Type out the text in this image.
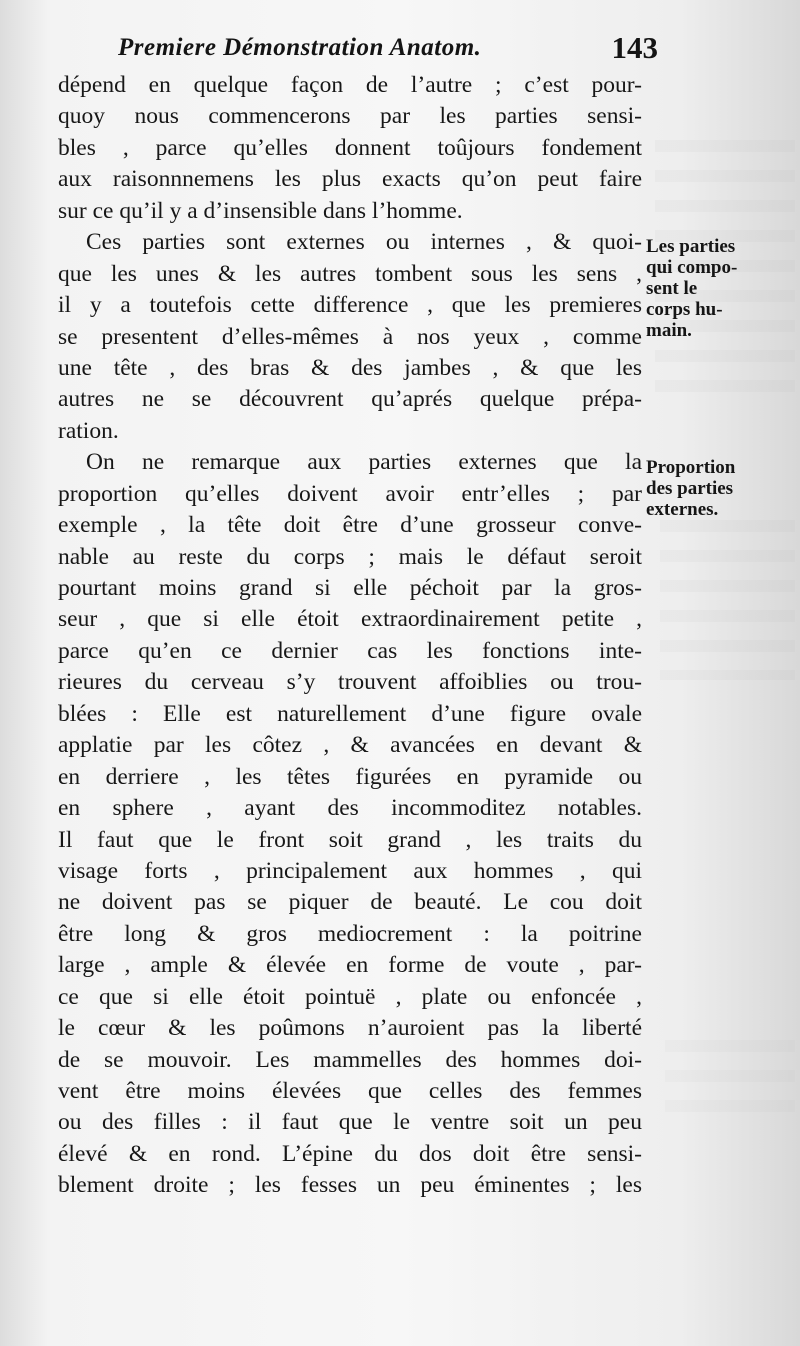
Premiere Démonstration Anatom.	143
dépend en quelque façon de l’autre ; c’est pour-
quoy nous commencerons par les parties sensi-
bles , parce qu’elles donnent toûjours fondement
aux raisonnnemens les plus exacts qu’on peut faire
sur ce qu’il y a d’insensible dans l’homme.
Ces parties sont externes ou internes , & quoi-
que les unes & les autres tombent sous les sens ,
il y a toutefois cette difference , que les premieres
se presentent d’elles-mêmes à nos yeux , comme
une tête , des bras & des jambes , & que les
autres ne se découvrent qu’aprés quelque prépa-
ration.
On ne remarque aux parties externes que la
proportion qu’elles doivent avoir entr’elles ; par
exemple , la tête doit être d’une grosseur conve-
nable au reste du corps ; mais le défaut seroit
pourtant moins grand si elle péchoit par la gros-
seur , que si elle étoit extraordinairement petite ,
parce qu’en ce dernier cas les fonctions inte-
rieures du cerveau s’y trouvent affoiblies ou trou-
blées : Elle est naturellement d’une figure ovale
applatie par les côtez , & avancées en devant &
en derriere , les têtes figurées en pyramide ou
en sphere , ayant des incommoditez notables.
Il faut que le front soit grand , les traits du
visage forts , principalement aux hommes , qui
ne doivent pas se piquer de beauté. Le cou doit
être long & gros mediocrement : la poitrine
large , ample & élevée en forme de voute , par-
ce que si elle étoit pointuë , plate ou enfoncée ,
le cœur & les poûmons n’auroient pas la liberté
de se mouvoir. Les mammelles des hommes doi-
vent être moins élevées que celles des femmes
ou des filles : il faut que le ventre soit un peu
élevé & en rond. L’épine du dos doit être sensi-
blement droite ; les fesses un peu éminentes ; les
Les parties
qui compo-
sent le
corps hu-
main.
Proportion
des parties
externes.
